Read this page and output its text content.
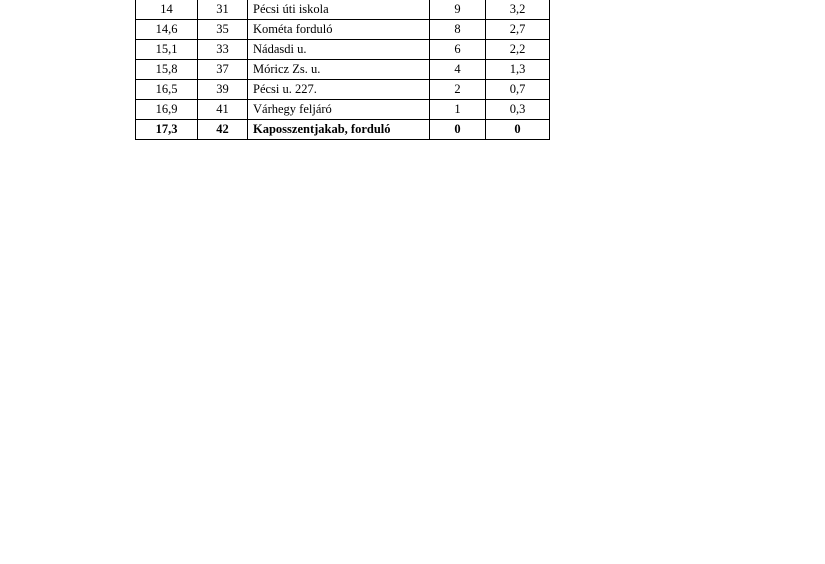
14	31	Pécsi úti iskola	9	3,2
14,6	35	Kométa forduló	8	2,7
15,1	33	Nádasdi u.	6	2,2
15,8	37	Móricz Zs. u.	4	1,3
16,5	39	Pécsi u. 227.	2	0,7
16,9	41	Várhegy feljáró	1	0,3
17,3	42	Kaposszentjakab, forduló	0	0
